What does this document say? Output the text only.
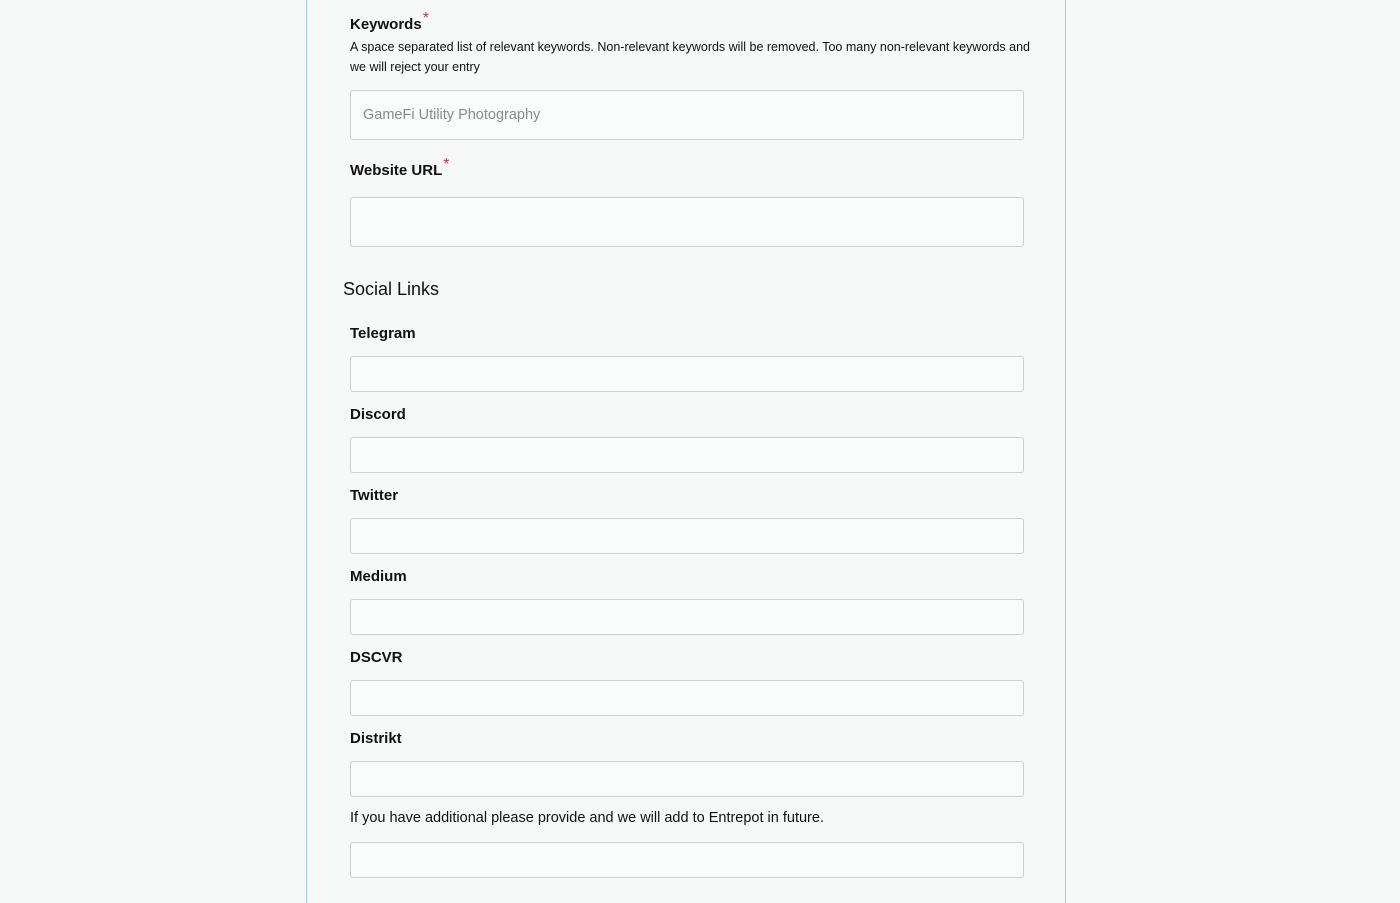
Keywords*
A space separated list of relevant keywords. Non-relevant keywords will be removed. Too many non-relevant keywords and we will reject your entry
GameFi Utility Photography
Website URL*
Social Links
Telegram
Discord
Twitter
Medium
DSCVR
Distrikt
If you have additional please provide and we will add to Entrepot in future.
